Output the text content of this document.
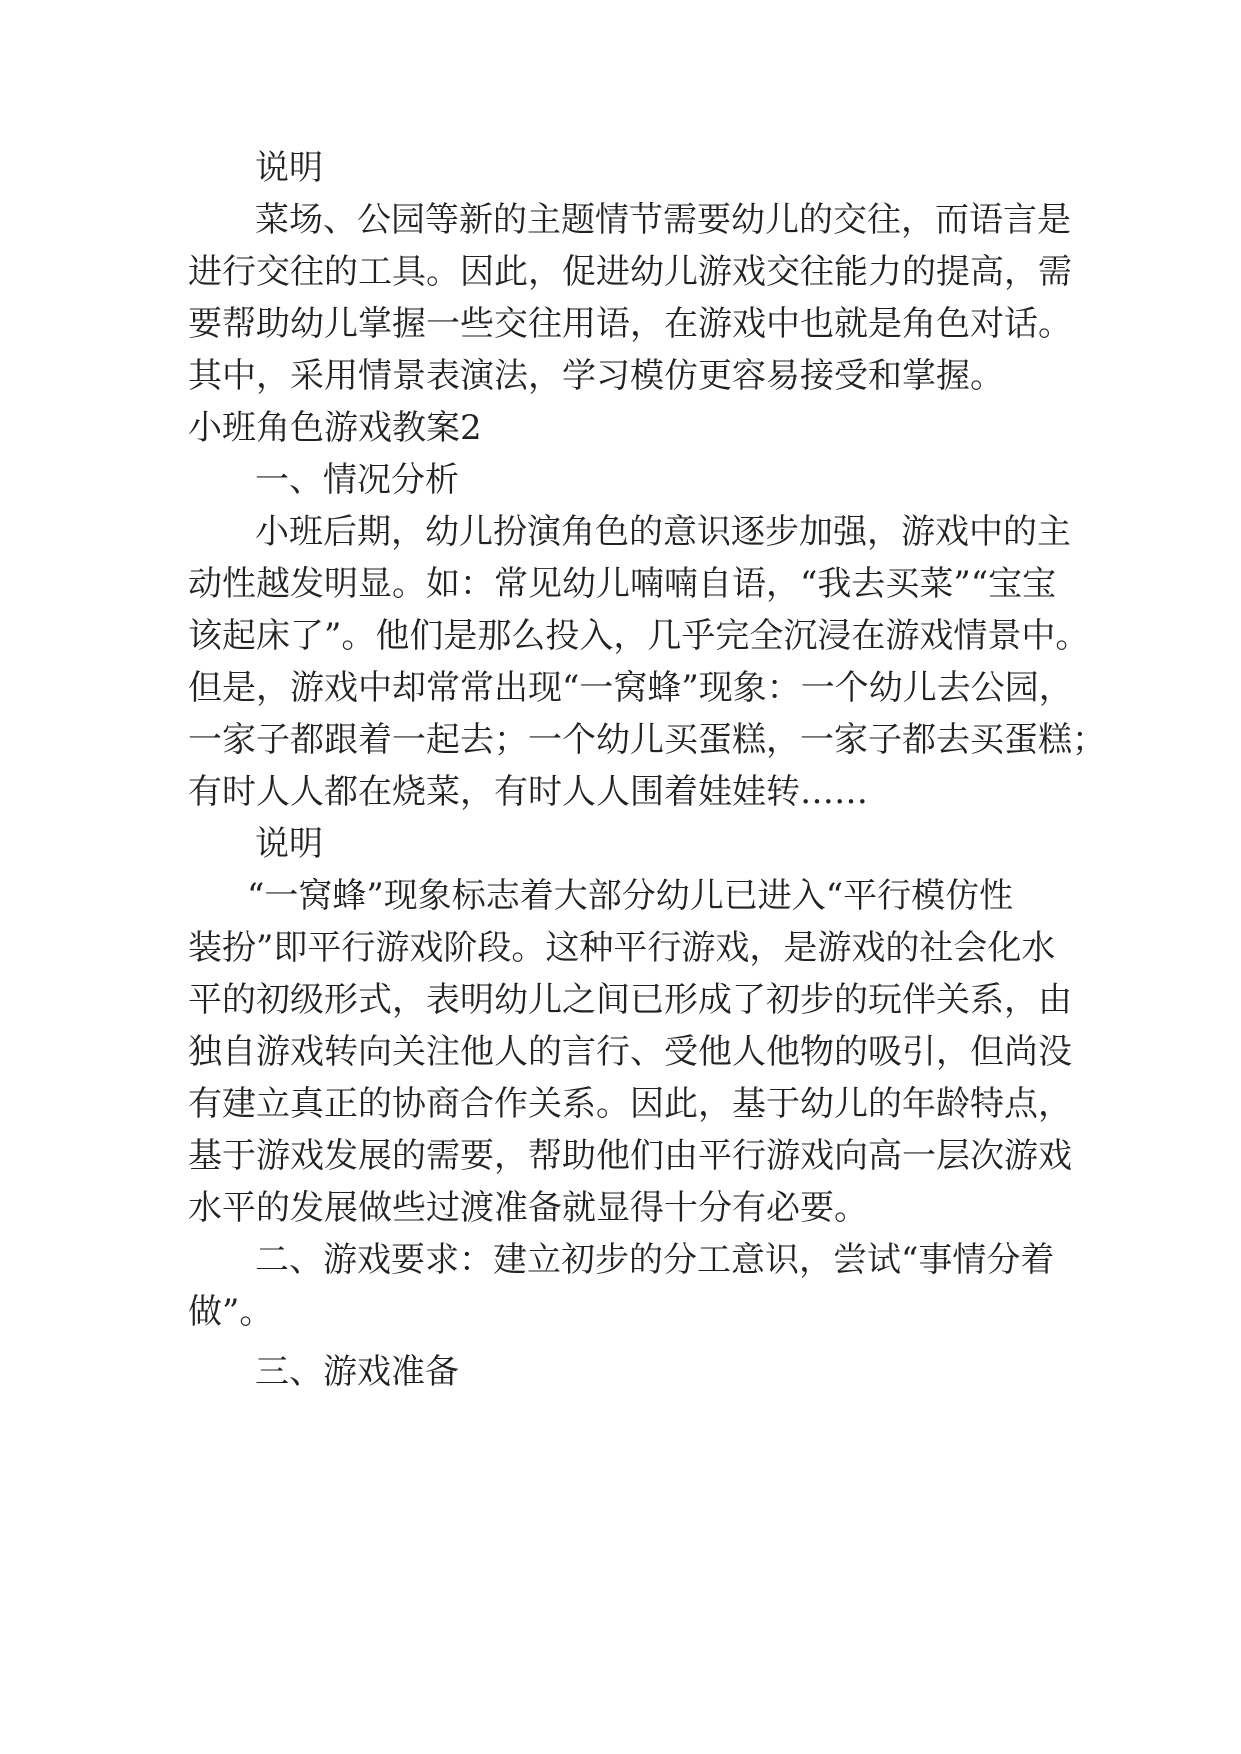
说明
菜场、公园等新的主题情节需要幼儿的交往，而语言是
进行交往的工具。因此，促进幼儿游戏交往能力的提高，需
要帮助幼儿掌握一些交往用语，在游戏中也就是角色对话。
其中，采用情景表演法，学习模仿更容易接受和掌握。
小班角色游戏教案2
一、情况分析
小班后期，幼儿扮演角色的意识逐步加强，游戏中的主
动性越发明显。如：常见幼儿喃喃自语，“我去买菜”“宝宝
该起床了”。他们是那么投入，几乎完全沉浸在游戏情景中。
但是，游戏中却常常出现“一窝蜂”现象：一个幼儿去公园，
一家子都跟着一起去；一个幼儿买蛋糕，一家子都去买蛋糕；
有时人人都在烧菜，有时人人围着娃娃转……
说明
“一窝蜂”现象标志着大部分幼儿已进入“平行模仿性
装扮”即平行游戏阶段。这种平行游戏，是游戏的社会化水
平的初级形式，表明幼儿之间已形成了初步的玩伴关系，由
独自游戏转向关注他人的言行、受他人他物的吸引，但尚没
有建立真正的协商合作关系。因此，基于幼儿的年龄特点，
基于游戏发展的需要，帮助他们由平行游戏向高一层次游戏
水平的发展做些过渡准备就显得十分有必要。
二、游戏要求：建立初步的分工意识，尝试“事情分着
做”。
三、游戏准备
